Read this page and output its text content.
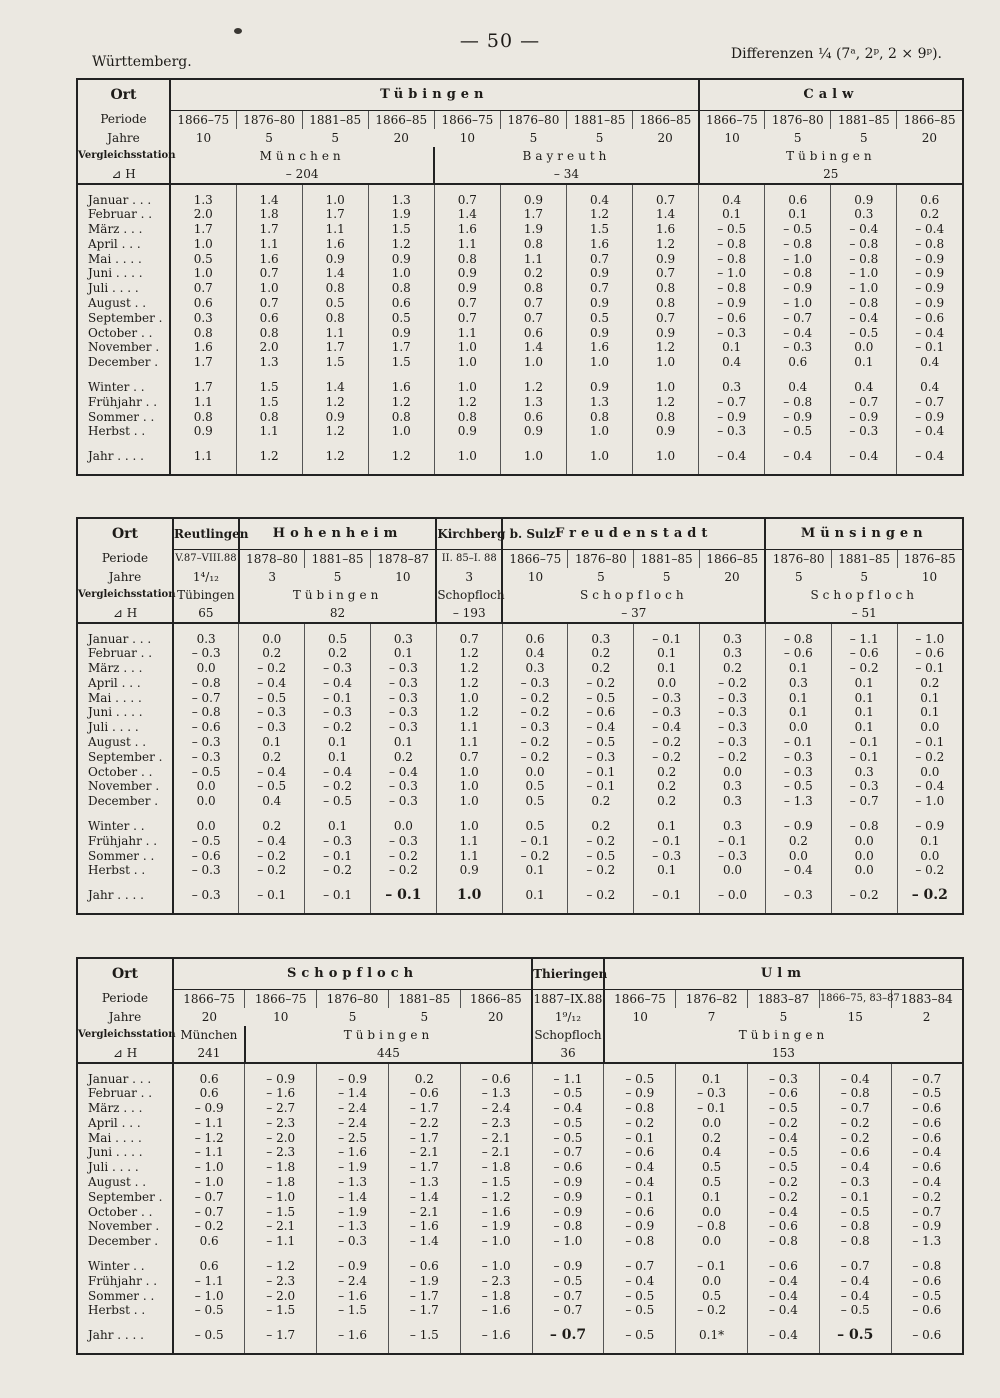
Württemberg.
— 50 —
Differenzen ¼ (7ᵃ, 2ᵖ, 2 × 9ᵖ).
Ort	Tübingen								Calw			
Periode	1866–75	1876–80	1881–85	1866–85	1866–75	1876–80	1881–85	1866–85	1866–75	1876–80	1881–85	1866–85
Jahre	10	5	5	20	10	5	5	20	10	5	5	20
Vergleichsstation	München				Bayreuth				Tübingen			
⊿ H	– 204				– 34				25			

Januar . . .	1.3	1.4	1.0	1.3	0.7	0.9	0.4	0.7	0.4	0.6	0.9	0.6
Februar . .	2.0	1.8	1.7	1.9	1.4	1.7	1.2	1.4	0.1	0.1	0.3	0.2
März . . .	1.7	1.7	1.1	1.5	1.6	1.9	1.5	1.6	– 0.5	– 0.5	– 0.4	– 0.4
April . . .	1.0	1.1	1.6	1.2	1.1	0.8	1.6	1.2	– 0.8	– 0.8	– 0.8	– 0.8
Mai . . . .	0.5	1.6	0.9	0.9	0.8	1.1	0.7	0.9	– 0.8	– 1.0	– 0.8	– 0.9
Juni . . . .	1.0	0.7	1.4	1.0	0.9	0.2	0.9	0.7	– 1.0	– 0.8	– 1.0	– 0.9
Juli . . . .	0.7	1.0	0.8	0.8	0.9	0.8	0.7	0.8	– 0.8	– 0.9	– 1.0	– 0.9
August . .	0.6	0.7	0.5	0.6	0.7	0.7	0.9	0.8	– 0.9	– 1.0	– 0.8	– 0.9
September .	0.3	0.6	0.8	0.5	0.7	0.7	0.5	0.7	– 0.6	– 0.7	– 0.4	– 0.6
October . .	0.8	0.8	1.1	0.9	1.1	0.6	0.9	0.9	– 0.3	– 0.4	– 0.5	– 0.4
November .	1.6	2.0	1.7	1.7	1.0	1.4	1.6	1.2	0.1	– 0.3	0.0	– 0.1
December .	1.7	1.3	1.5	1.5	1.0	1.0	1.0	1.0	0.4	0.6	0.1	0.4

Winter . .	1.7	1.5	1.4	1.6	1.0	1.2	0.9	1.0	0.3	0.4	0.4	0.4
Frühjahr . .	1.1	1.5	1.2	1.2	1.2	1.3	1.3	1.2	– 0.7	– 0.8	– 0.7	– 0.7
Sommer . .	0.8	0.8	0.9	0.8	0.8	0.6	0.8	0.8	– 0.9	– 0.9	– 0.9	– 0.9
Herbst . .	0.9	1.1	1.2	1.0	0.9	0.9	1.0	0.9	– 0.3	– 0.5	– 0.3	– 0.4

Jahr . . . .	1.1	1.2	1.2	1.2	1.0	1.0	1.0	1.0	– 0.4	– 0.4	– 0.4	– 0.4

Ort	Reutlingen	Hohenheim			Kirchberg b. Sulz	Freudenstadt				Münsingen		
Periode	V.87–VIII.88	1878–80	1881–85	1878–87	II. 85–I. 88	1866–75	1876–80	1881–85	1866–85	1876–80	1881–85	1876–85
Jahre	1⁴/₁₂	3	5	10	3	10	5	5	20	5	5	10
Vergleichsstation	Tübingen	Tübingen			Schopfloch	Schopfloch				Schopfloch		
⊿ H	65	82			– 193	– 37				– 51		

Januar . . .	0.3	0.0	0.5	0.3	0.7	0.6	0.3	– 0.1	0.3	– 0.8	– 1.1	– 1.0
Februar . .	– 0.3	0.2	0.2	0.1	1.2	0.4	0.2	0.1	0.3	– 0.6	– 0.6	– 0.6
März . . .	0.0	– 0.2	– 0.3	– 0.3	1.2	0.3	0.2	0.1	0.2	0.1	– 0.2	– 0.1
April . . .	– 0.8	– 0.4	– 0.4	– 0.3	1.2	– 0.3	– 0.2	0.0	– 0.2	0.3	0.1	0.2
Mai . . . .	– 0.7	– 0.5	– 0.1	– 0.3	1.0	– 0.2	– 0.5	– 0.3	– 0.3	0.1	0.1	0.1
Juni . . . .	– 0.8	– 0.3	– 0.3	– 0.3	1.2	– 0.2	– 0.6	– 0.3	– 0.3	0.1	0.1	0.1
Juli . . . .	– 0.6	– 0.3	– 0.2	– 0.3	1.1	– 0.3	– 0.4	– 0.4	– 0.3	0.0	0.1	0.0
August . .	– 0.3	0.1	0.1	0.1	1.1	– 0.2	– 0.5	– 0.2	– 0.3	– 0.1	– 0.1	– 0.1
September .	– 0.3	0.2	0.1	0.2	0.7	– 0.2	– 0.3	– 0.2	– 0.2	– 0.3	– 0.1	– 0.2
October . .	– 0.5	– 0.4	– 0.4	– 0.4	1.0	0.0	– 0.1	0.2	0.0	– 0.3	0.3	0.0
November .	0.0	– 0.5	– 0.2	– 0.3	1.0	0.5	– 0.1	0.2	0.3	– 0.5	– 0.3	– 0.4
December .	0.0	0.4	– 0.5	– 0.3	1.0	0.5	0.2	0.2	0.3	– 1.3	– 0.7	– 1.0

Winter . .	0.0	0.2	0.1	0.0	1.0	0.5	0.2	0.1	0.3	– 0.9	– 0.8	– 0.9
Frühjahr . .	– 0.5	– 0.4	– 0.3	– 0.3	1.1	– 0.1	– 0.2	– 0.1	– 0.1	0.2	0.0	0.1
Sommer . .	– 0.6	– 0.2	– 0.1	– 0.2	1.1	– 0.2	– 0.5	– 0.3	– 0.3	0.0	0.0	0.0
Herbst . .	– 0.3	– 0.2	– 0.2	– 0.2	0.9	0.1	– 0.2	0.1	0.0	– 0.4	0.0	– 0.2

Jahr . . . .	– 0.3	– 0.1	– 0.1	– 0.1	1.0	0.1	– 0.2	– 0.1	– 0.0	– 0.3	– 0.2	– 0.2

Ort	Schopfloch					Thieringen	Ulm				
Periode	1866–75	1866–75	1876–80	1881–85	1866–85	1887–IX.88	1866–75	1876–82	1883–87	1866–75, 83–87	1883–84
Jahre	20	10	5	5	20	1⁹/₁₂	10	7	5	15	2
Vergleichsstation	München	Tübingen				Schopfloch	Tübingen				
⊿ H	241	445				36	153				

Januar . . .	0.6	– 0.9	– 0.9	0.2	– 0.6	– 1.1	– 0.5	0.1	– 0.3	– 0.4	– 0.7
Februar . .	0.6	– 1.6	– 1.4	– 0.6	– 1.3	– 0.5	– 0.9	– 0.3	– 0.6	– 0.8	– 0.5
März . . .	– 0.9	– 2.7	– 2.4	– 1.7	– 2.4	– 0.4	– 0.8	– 0.1	– 0.5	– 0.7	– 0.6
April . . .	– 1.1	– 2.3	– 2.4	– 2.2	– 2.3	– 0.5	– 0.2	0.0	– 0.2	– 0.2	– 0.6
Mai . . . .	– 1.2	– 2.0	– 2.5	– 1.7	– 2.1	– 0.5	– 0.1	0.2	– 0.4	– 0.2	– 0.6
Juni . . . .	– 1.1	– 2.3	– 1.6	– 2.1	– 2.1	– 0.7	– 0.6	0.4	– 0.5	– 0.6	– 0.4
Juli . . . .	– 1.0	– 1.8	– 1.9	– 1.7	– 1.8	– 0.6	– 0.4	0.5	– 0.5	– 0.4	– 0.6
August . .	– 1.0	– 1.8	– 1.3	– 1.3	– 1.5	– 0.9	– 0.4	0.5	– 0.2	– 0.3	– 0.4
September .	– 0.7	– 1.0	– 1.4	– 1.4	– 1.2	– 0.9	– 0.1	0.1	– 0.2	– 0.1	– 0.2
October . .	– 0.7	– 1.5	– 1.9	– 2.1	– 1.6	– 0.9	– 0.6	0.0	– 0.4	– 0.5	– 0.7
November .	– 0.2	– 2.1	– 1.3	– 1.6	– 1.9	– 0.8	– 0.9	– 0.8	– 0.6	– 0.8	– 0.9
December .	0.6	– 1.1	– 0.3	– 1.4	– 1.0	– 1.0	– 0.8	0.0	– 0.8	– 0.8	– 1.3

Winter . .	0.6	– 1.2	– 0.9	– 0.6	– 1.0	– 0.9	– 0.7	– 0.1	– 0.6	– 0.7	– 0.8
Frühjahr . .	– 1.1	– 2.3	– 2.4	– 1.9	– 2.3	– 0.5	– 0.4	0.0	– 0.4	– 0.4	– 0.6
Sommer . .	– 1.0	– 2.0	– 1.6	– 1.7	– 1.8	– 0.7	– 0.5	0.5	– 0.4	– 0.4	– 0.5
Herbst . .	– 0.5	– 1.5	– 1.5	– 1.7	– 1.6	– 0.7	– 0.5	– 0.2	– 0.4	– 0.5	– 0.6

Jahr . . . .	– 0.5	– 1.7	– 1.6	– 1.5	– 1.6	– 0.7	– 0.5	0.1*	– 0.4	– 0.5	– 0.6
